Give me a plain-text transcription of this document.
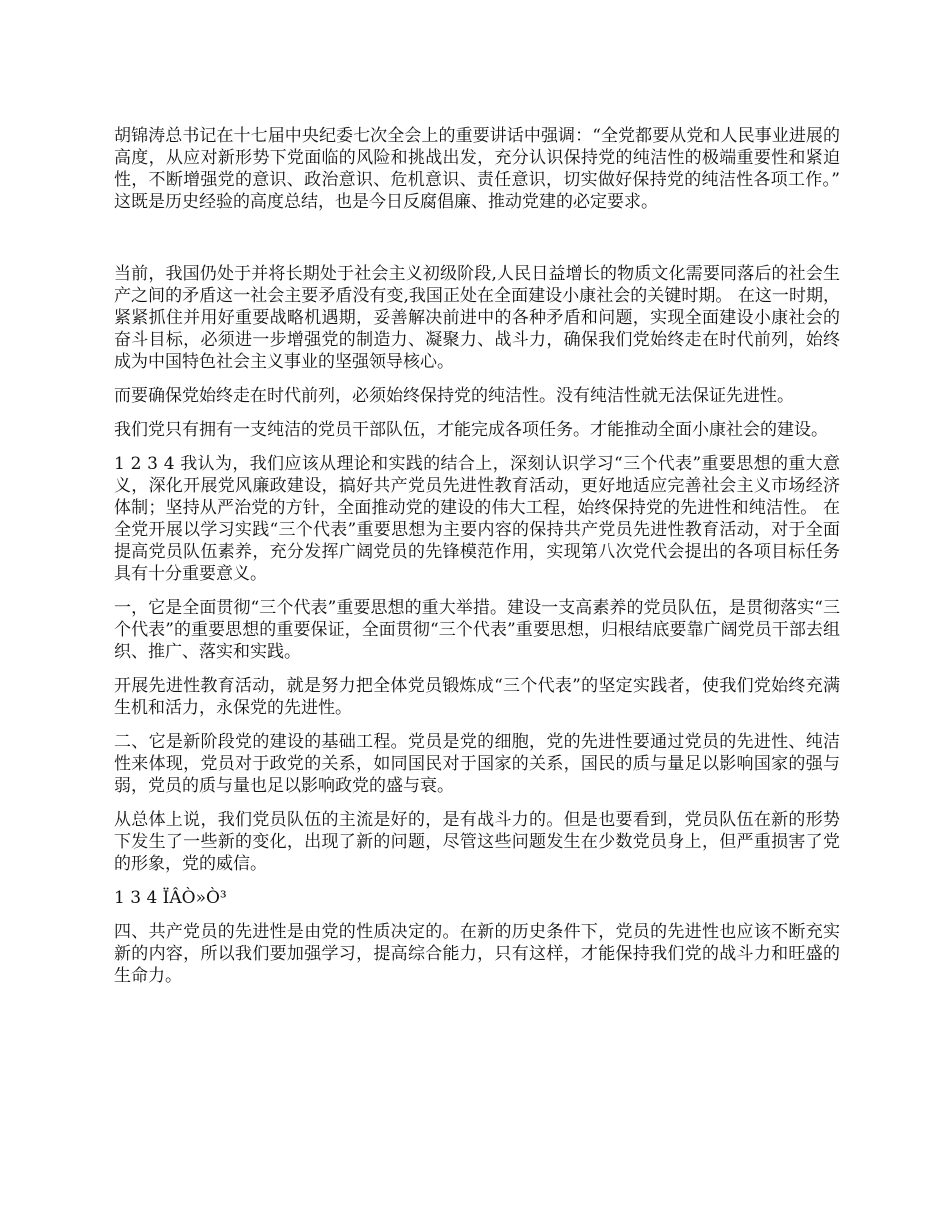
胡锦涛总书记在十七届中央纪委七次全会上的重要讲话中强调：“全党都要从党和人民事业进展的高度，从应对新形势下党面临的风险和挑战出发，充分认识保持党的纯洁性的极端重要性和紧迫性，不断增强党的意识、政治意识、危机意识、责任意识，切实做好保持党的纯洁性各项工作。”这既是历史经验的高度总结，也是今日反腐倡廉、推动党建的必定要求。

当前，我国仍处于并将长期处于社会主义初级阶段,人民日益增长的物质文化需要同落后的社会生产之间的矛盾这一社会主要矛盾没有变,我国正处在全面建设小康社会的关键时期。 在这一时期，紧紧抓住并用好重要战略机遇期，妥善解决前进中的各种矛盾和问题，实现全面建设小康社会的奋斗目标，必须进一步增强党的制造力、凝聚力、战斗力，确保我们党始终走在时代前列，始终成为中国特色社会主义事业的坚强领导核心。

而要确保党始终走在时代前列，必须始终保持党的纯洁性。没有纯洁性就无法保证先进性。

我们党只有拥有一支纯洁的党员干部队伍，才能完成各项任务。才能推动全面小康社会的建设。

1 2 3 4 我认为，我们应该从理论和实践的结合上，深刻认识学习“三个代表”重要思想的重大意义，深化开展党风廉政建设，搞好共产党员先进性教育活动，更好地适应完善社会主义市场经济体制；坚持从严治党的方针，全面推动党的建设的伟大工程，始终保持党的先进性和纯洁性。 在全党开展以学习实践“三个代表”重要思想为主要内容的保持共产党员先进性教育活动，对于全面提高党员队伍素养，充分发挥广阔党员的先锋模范作用，实现第八次党代会提出的各项目标任务具有十分重要意义。

一，它是全面贯彻“三个代表”重要思想的重大举措。建设一支高素养的党员队伍，是贯彻落实“三个代表”的重要思想的重要保证，全面贯彻“三个代表”重要思想，归根结底要靠广阔党员干部去组织、推广、落实和实践。

开展先进性教育活动，就是努力把全体党员锻炼成“三个代表”的坚定实践者，使我们党始终充满生机和活力，永保党的先进性。

二、它是新阶段党的建设的基础工程。党员是党的细胞，党的先进性要通过党员的先进性、纯洁性来体现，党员对于政党的关系，如同国民对于国家的关系，国民的质与量足以影响国家的强与弱，党员的质与量也足以影响政党的盛与衰。

从总体上说，我们党员队伍的主流是好的，是有战斗力的。但是也要看到，党员队伍在新的形势下发生了一些新的变化，出现了新的问题，尽管这些问题发生在少数党员身上，但严重损害了党的形象，党的威信。

1 3 4 ÏÂÒ»Ò³

四、共产党员的先进性是由党的性质决定的。在新的历史条件下，党员的先进性也应该不断充实新的内容，所以我们要加强学习，提高综合能力，只有这样，才能保持我们党的战斗力和旺盛的生命力。
